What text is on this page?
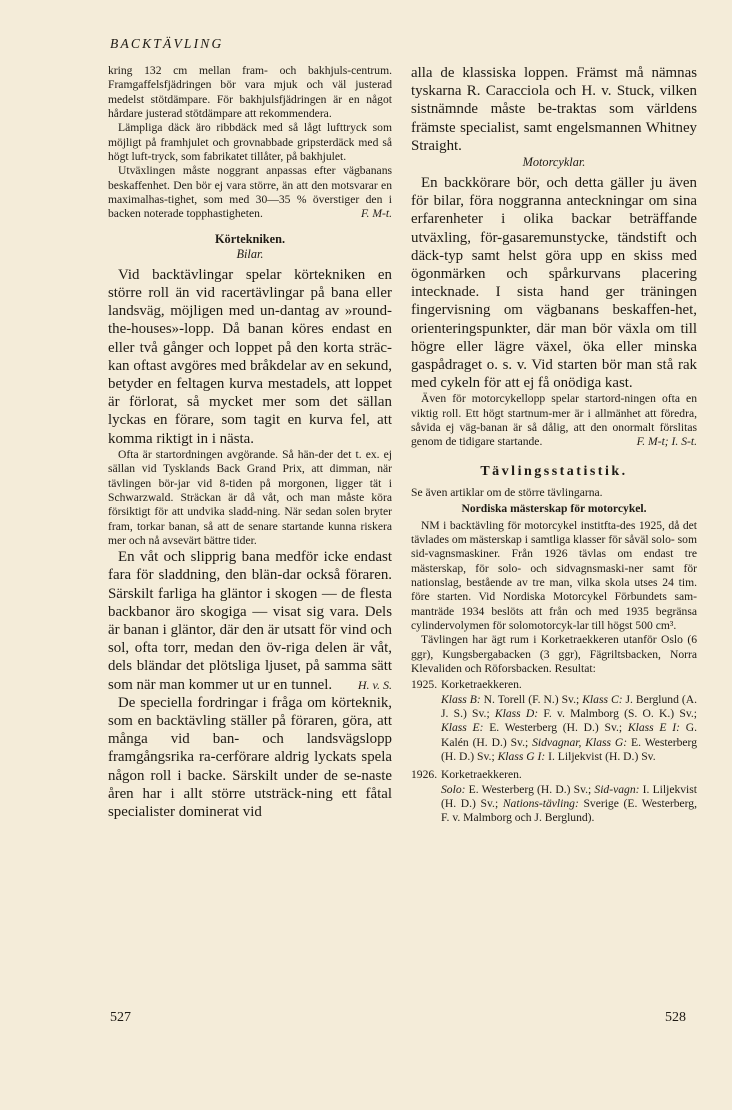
BACKTÄVLING

kring 132 cm mellan fram- och bakhjuls-centrum. Framgaffelsfjädringen bör vara mjuk och väl justerad medelst stötdämpare. För bakhjulsfjädringen är en något hårdare justerad stötdämpare att rekommendera.

Lämpliga däck äro ribbdäck med så lågt lufttryck som möjligt på framhjulet och grovnabbade gripsterdäck med så högt luft-tryck, som fabrikatet tillåter, på bakhjulet.

Utväxlingen måste noggrant anpassas efter vägbanans beskaffenhet. Den bör ej vara större, än att den motsvarar en maximalhas-tighet, som med 30—35 % överstiger den i backen noterade topphastigheten.	F. M-t.

Körtekniken.
Bilar.

Vid backtävlingar spelar körtekniken en större roll än vid racertävlingar på bana eller landsväg, möjligen med un-dantag av »round-the-houses»-lopp. Då banan köres endast en eller två gånger och loppet på den korta sträc-kan oftast avgöres med bråkdelar av en sekund, betyder en feltagen kurva mestadels, att loppet är förlorat, så mycket mer som det sällan lyckas en förare, som tagit en kurva fel, att komma riktigt in i nästa.

Ofta är startordningen avgörande. Så hän-der det t. ex. ej sällan vid Tysklands Back Grand Prix, att dimman, när tävlingen bör-jar vid 8-tiden på morgonen, ligger tät i Schwarzwald. Sträckan är då våt, och man måste köra försiktigt för att undvika sladd-ning. När sedan solen bryter fram, torkar banan, så att de senare startande kunna riskera mer och nå avsevärt bättre tider.

En våt och slipprig bana medför icke endast fara för sladdning, den blän-dar också föraren. Särskilt farliga ha gläntor i skogen — de flesta backbanor äro skogiga — visat sig vara. Dels är banan i gläntor, där den är utsatt för vind och sol, ofta torr, medan den öv-riga delen är våt, dels bländar det plötsliga ljuset, på samma sätt som när man kommer ut ur en tunnel.	H. v. S.

De speciella fordringar i fråga om körteknik, som en backtävling ställer på föraren, göra, att många vid ban- och landsvägslopp framgångsrika ra-cerförare aldrig lyckats spela någon roll i backe. Särskilt under de se-naste åren har i allt större utsträck-ning ett fåtal specialister dominerat vid

alla de klassiska loppen. Främst må nämnas tyskarna R. Caracciola och H. v. Stuck, vilken sistnämnde måste be-traktas som världens främste specialist, samt engelsmannen Whitney Straight.

Motorcyklar.

En backkörare bör, och detta gäller ju även för bilar, föra noggranna anteckningar om sina erfarenheter i olika backar beträffande utväxling, för-gasaremunstycke, tändstift och däck-typ samt helst göra upp en skiss med ögonmärken och spårkurvans placering intecknade. I sista hand ger träningen fingervisning om vägbanans beskaffen-het, orienteringspunkter, där man bör växla om till högre eller lägre växel, öka eller minska gaspådraget o. s. v. Vid starten bör man stå rak med cykeln för att ej få onödiga kast.

Även för motorcykellopp spelar startord-ningen ofta en viktig roll. Ett högt startnum-mer är i allmänhet att föredra, såvida ej väg-banan är så dålig, att den onormalt förslitas genom de tidigare startande.	F. M-t; I. S-t.

Tävlingsstatistik.

Se även artiklar om de större tävlingarna.

Nordiska mästerskap för motorcykel.

NM i backtävling för motorcykel institfta-des 1925, då det tävlades om mästerskap i samtliga klasser för såväl solo- som sid-vagnsmaskiner. Från 1926 tävlas om endast tre mästerskap, för solo- och sidvagnsmaski-ner samt för nationslag, bestående av tre man, vilka skola utses 24 tim. före starten. Vid Nordiska Motorcykel Förbundets sam-manträde 1934 beslöts att från och med 1935 begränsa cylindervolymen för solomotorcyk-lar till högst 500 cm³.

Tävlingen har ägt rum i Korketraekkeren utanför Oslo (6 ggr), Kungsbergabacken (3 ggr), Fägriltsbacken, Norra Klevaliden och Röforsbacken. Resultat:

1925. Korketraekkeren.
Klass B: N. Torell (F. N.) Sv.; Klass C: J. Berglund (A. J. S.) Sv.; Klass D: F. v. Malmborg (S. O. K.) Sv.; Klass E: E. Westerberg (H. D.) Sv.; Klass E I: G. Kalén (H. D.) Sv.; Sidvagnar, Klass G: E. Westerberg (H. D.) Sv.; Klass G I: I. Liljekvist (H. D.) Sv.
1926. Korketraekkeren.
Solo: E. Westerberg (H. D.) Sv.; Sid-vagn: I. Liljekvist (H. D.) Sv.; Nations-tävling: Sverige (E. Westerberg, F. v. Malmborg och J. Berglund).
527	528
